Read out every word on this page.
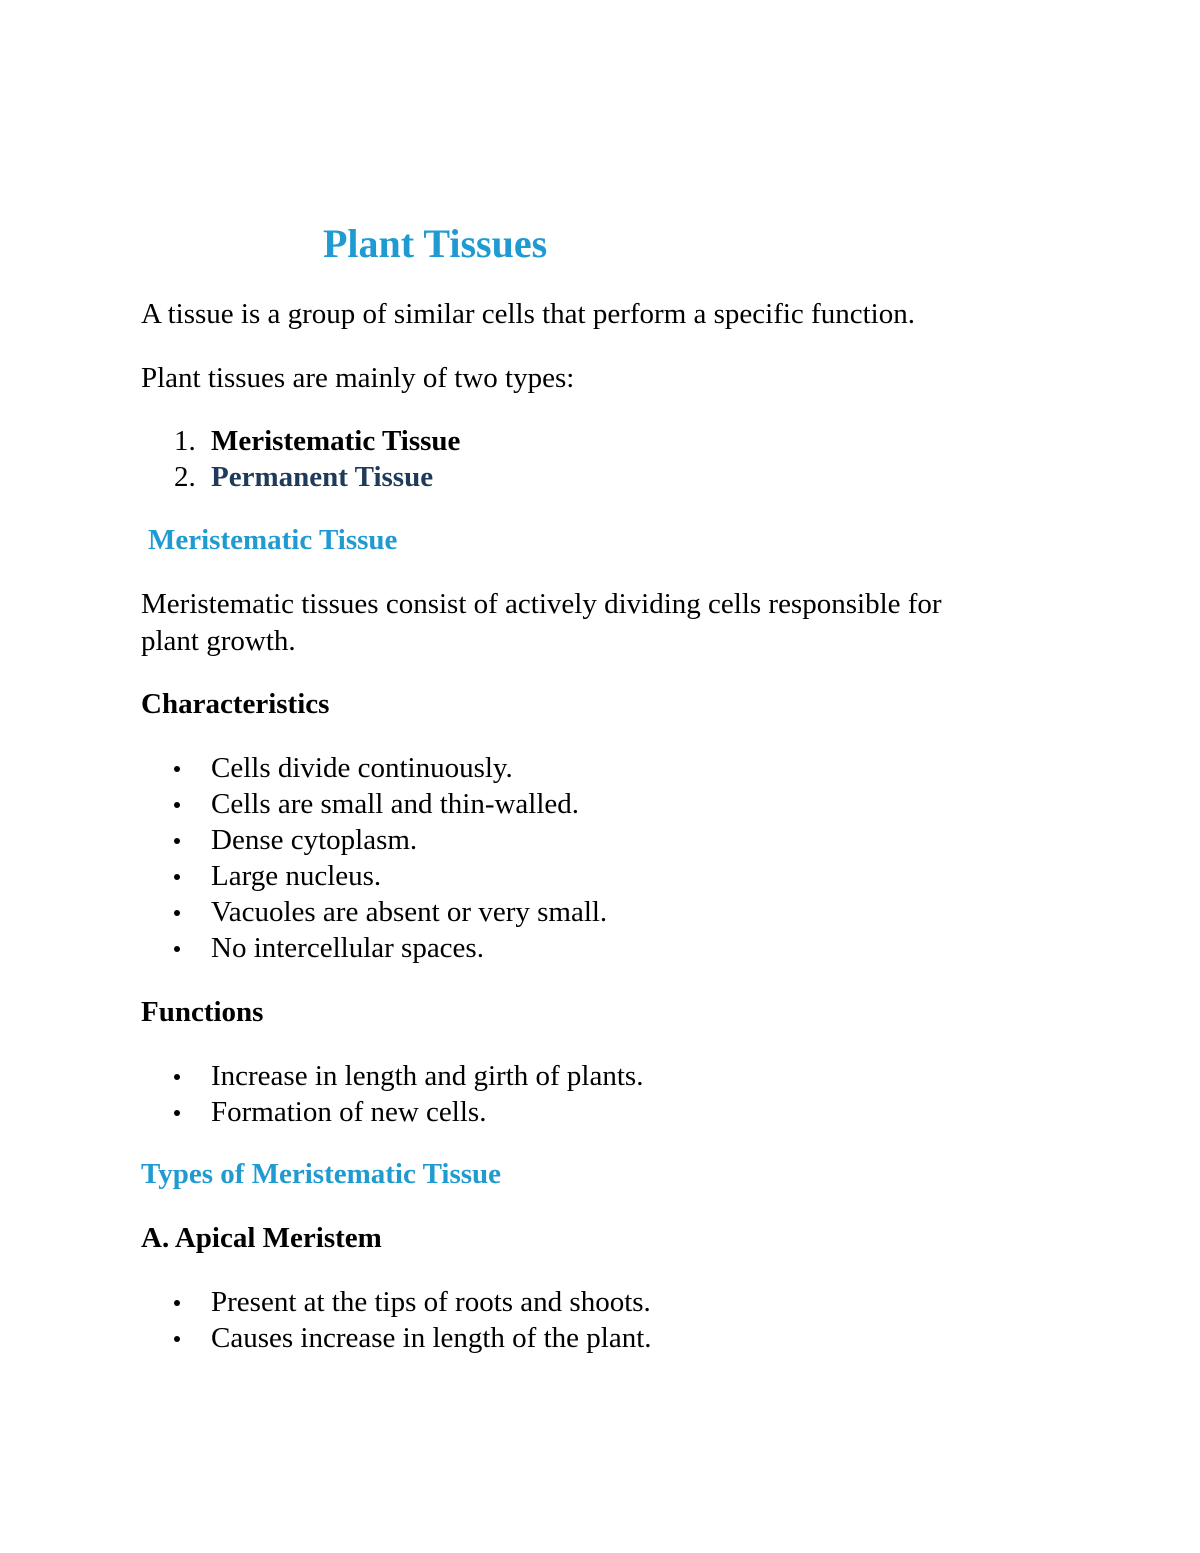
Plant Tissues

A tissue is a group of similar cells that perform a specific function.

Plant tissues are mainly of two types:

1. Meristematic Tissue
2. Permanent Tissue
Meristematic Tissue

Meristematic tissues consist of actively dividing cells responsible for

plant growth.

Characteristics
Cells divide continuously.
Cells are small and thin-walled.
Dense cytoplasm.
Large nucleus.
Vacuoles are absent or very small.
No intercellular spaces.
Functions
Increase in length and girth of plants.
Formation of new cells.
Types of Meristematic Tissue
A. Apical Meristem
Present at the tips of roots and shoots.
Causes increase in length of the plant.
